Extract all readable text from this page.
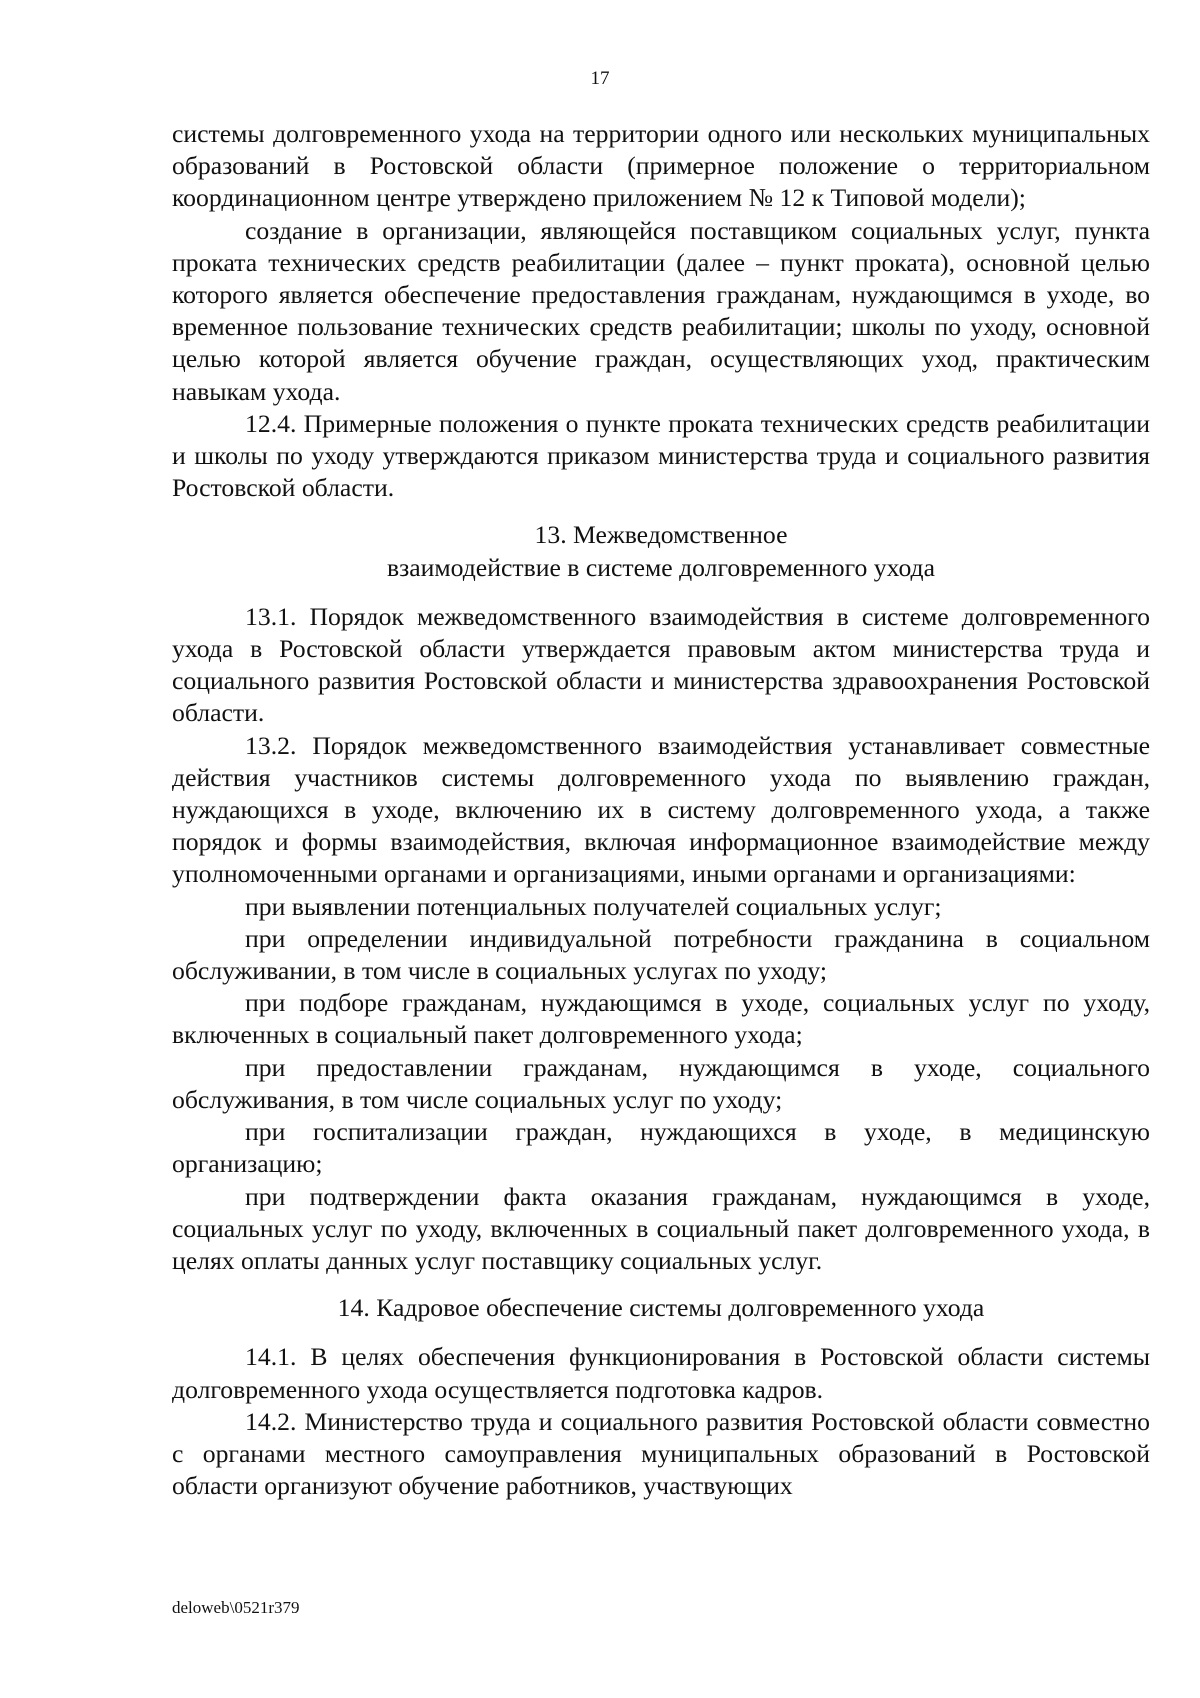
17

системы долговременного ухода на территории одного или нескольких муниципальных образований в Ростовской области (примерное положение о территориальном координационном центре утверждено приложением № 12 к Типовой модели);

создание в организации, являющейся поставщиком социальных услуг, пункта проката технических средств реабилитации (далее – пункт проката), основной целью которого является обеспечение предоставления гражданам, нуждающимся в уходе, во временное пользование технических средств реабилитации; школы по уходу, основной целью которой является обучение граждан, осуществляющих уход, практическим навыкам ухода.

12.4. Примерные положения о пункте проката технических средств реабилитации и школы по уходу утверждаются приказом министерства труда и социального развития Ростовской области.

13. Межведомственное
взаимодействие в системе долговременного ухода

13.1. Порядок межведомственного взаимодействия в системе долговременного ухода в Ростовской области утверждается правовым актом министерства труда и социального развития Ростовской области и министерства здравоохранения Ростовской области.

13.2. Порядок межведомственного взаимодействия устанавливает совместные действия участников системы долговременного ухода по выявлению граждан, нуждающихся в уходе, включению их в систему долговременного ухода, а также порядок и формы взаимодействия, включая информационное взаимодействие между уполномоченными органами и организациями, иными органами и организациями:

при выявлении потенциальных получателей социальных услуг;

при определении индивидуальной потребности гражданина в социальном обслуживании, в том числе в социальных услугах по уходу;

при подборе гражданам, нуждающимся в уходе, социальных услуг по уходу, включенных в социальный пакет долговременного ухода;

при предоставлении гражданам, нуждающимся в уходе, социального обслуживания, в том числе социальных услуг по уходу;

при госпитализации граждан, нуждающихся в уходе, в медицинскую организацию;

при подтверждении факта оказания гражданам, нуждающимся в уходе, социальных услуг по уходу, включенных в социальный пакет долговременного ухода, в целях оплаты данных услуг поставщику социальных услуг.

14. Кадровое обеспечение системы долговременного ухода

14.1. В целях обеспечения функционирования в Ростовской области системы долговременного ухода осуществляется подготовка кадров.

14.2. Министерство труда и социального развития Ростовской области совместно с органами местного самоуправления муниципальных образований в Ростовской области организуют обучение работников, участвующих

deloweb\0521r379
